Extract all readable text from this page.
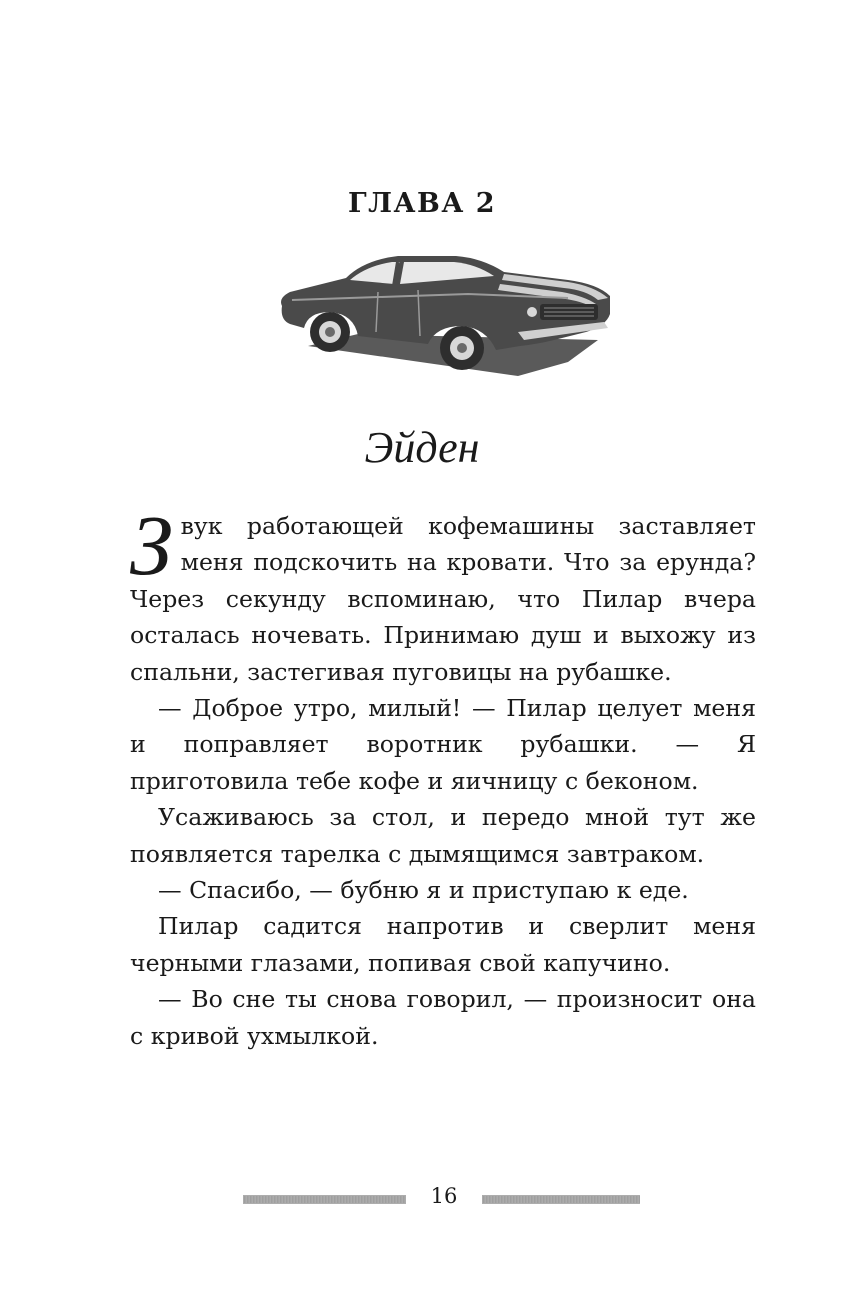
ГЛАВА 2
Эйден

Звук работающей кофемашины заставляет меня подскочить на кровати. Что за ерунда? Через секунду вспоминаю, что Пилар вчера осталась ночевать. Принимаю душ и выхожу из спальни, застегивая пуговицы на рубашке.

— Доброе утро, милый! — Пилар целует меня и поправляет воротник рубашки. — Я приготовила тебе кофе и яичницу с беконом.

Усаживаюсь за стол, и передо мной тут же появляется тарелка с дымящимся завтраком.

— Спасибо, — бубню я и приступаю к еде.

Пилар садится напротив и сверлит меня черными глазами, попивая свой капучино.

— Во сне ты снова говорил, — произносит она с кривой ухмылкой.

16
